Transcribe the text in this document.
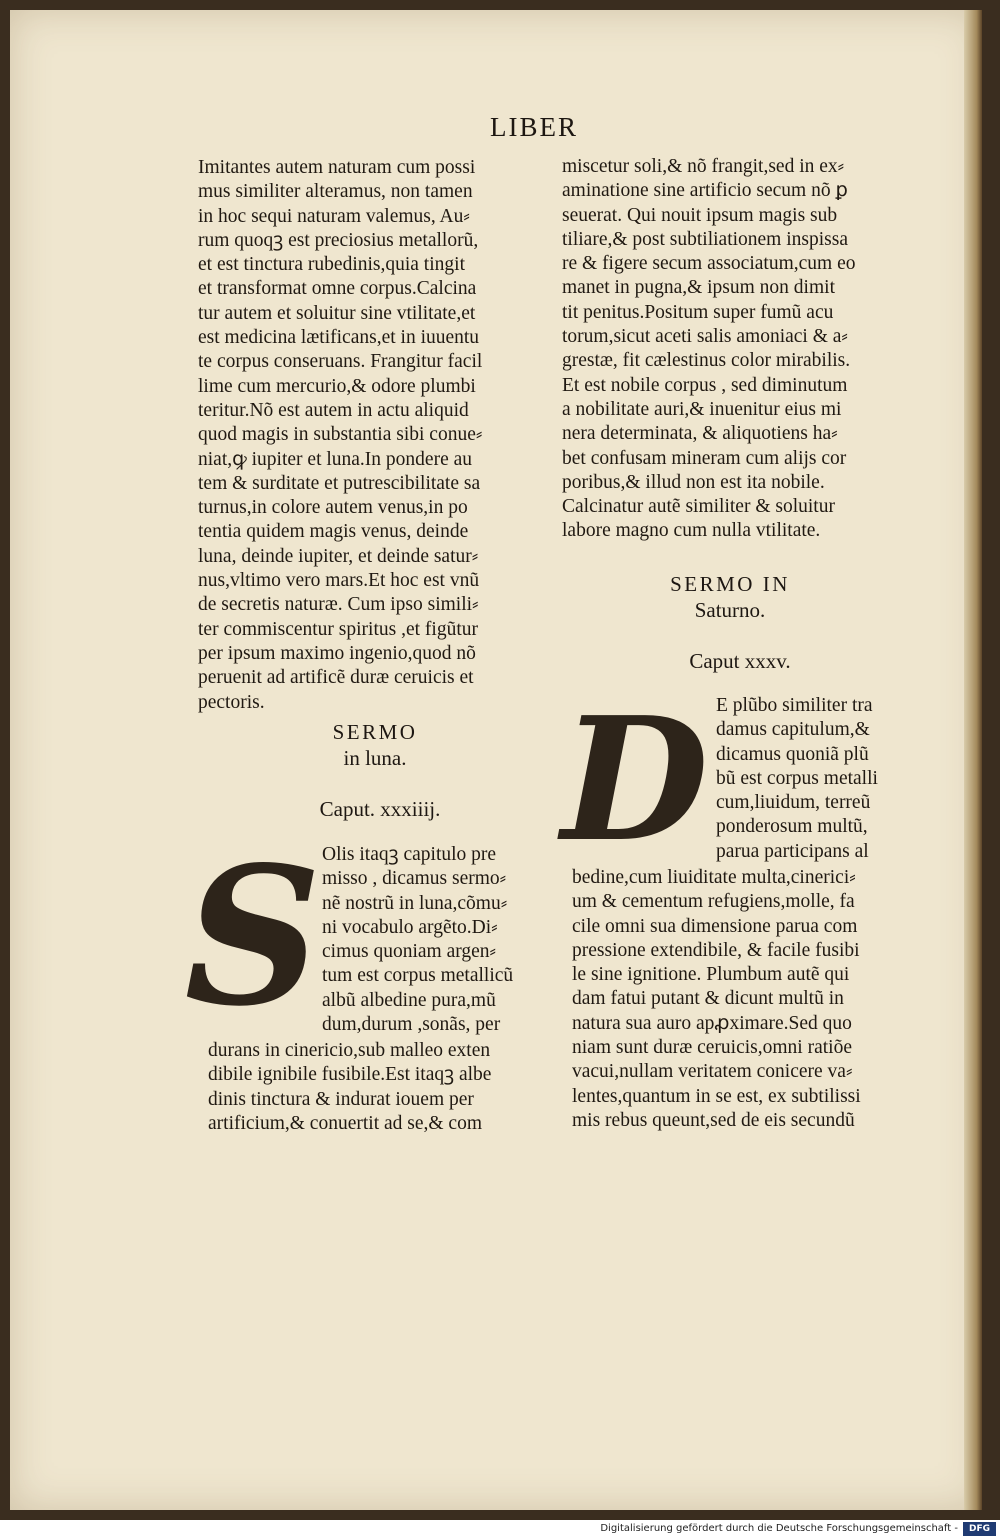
LIBER
Imitantes autem naturam cum possi
mus similiter alteramus, non tamen
in hoc sequi naturam valemus, Au⸗
rum quoqꝫ est preciosius metallorũ,
et est tinctura rubedinis,quia tingit
et transformat omne corpus.Calcina
tur autem et soluitur sine vtilitate,et
est medicina lætificans,et in iuuentu
te corpus conseruans. Frangitur facil
lime cum mercurio,& odore plumbi
teritur.Nõ est autem in actu aliquid
quod magis in substantia sibi conue⸗
niat,ꝙ iupiter et luna.In pondere au
tem & surditate et putrescibilitate sa
turnus,in colore autem venus,in po
tentia quidem magis venus, deinde
luna, deinde iupiter, et deinde satur⸗
nus,vltimo vero mars.Et hoc est vnũ
de secretis naturæ. Cum ipso simili⸗
ter commiscentur spiritus ,et figũtur
per ipsum maximo ingenio,quod nõ
peruenit ad artificẽ duræ ceruicis et
pectoris.
SERMO
in luna.
Caput. xxxiiij.
S Olis itaqꝫ capitulo pre
misso , dicamus sermo⸗
nẽ nostrũ in luna,cõmu⸗
ni vocabulo argẽto.Di⸗
cimus quoniam argen⸗
tum est corpus metallicũ
albũ albedine pura,mũ
dum,durum ,sonãs, per
durans in cinericio,sub malleo exten
dibile ignibile fusibile.Est itaqꝫ albe
dinis tinctura & indurat iouem per
artificium,& conuertit ad se,& com
miscetur soli,& nõ frangit,sed in ex⸗
aminatione sine artificio secum nõ ꝑ
seuerat. Qui nouit ipsum magis sub
tiliare,& post subtiliationem inspissa
re & figere secum associatum,cum eo
manet in pugna,& ipsum non dimit
tit penitus.Positum super fumũ acu
torum,sicut aceti salis amoniaci & a⸗
grestæ, fit cælestinus color mirabilis.
Et est nobile corpus , sed diminutum
a nobilitate auri,& inuenitur eius mi
nera determinata, & aliquotiens ha⸗
bet confusam mineram cum alijs cor
poribus,& illud non est ita nobile.
Calcinatur autẽ similiter & soluitur
labore magno cum nulla vtilitate.
SERMO IN
Saturno.
Caput xxxv.
D E plũbo similiter tra
damus capitulum,&
dicamus quoniã plũ
bũ est corpus metalli
cum,liuidum, terreũ
ponderosum multũ,
parua participans al
bedine,cum liuiditate multa,cinerici⸗
um & cementum refugiens,molle, fa
cile omni sua dimensione parua com
pressione extendibile, & facile fusibi
le sine ignitione. Plumbum autẽ qui
dam fatui putant & dicunt multũ in
natura sua auro apꝓximare.Sed quo
niam sunt duræ ceruicis,omni ratiõe
vacui,nullam veritatem conicere va⸗
lentes,quantum in se est, ex subtilissi
mis rebus queunt,sed de eis secundũ
Digitalisierung gefördert durch die Deutsche Forschungsgemeinschaft -	DFG
